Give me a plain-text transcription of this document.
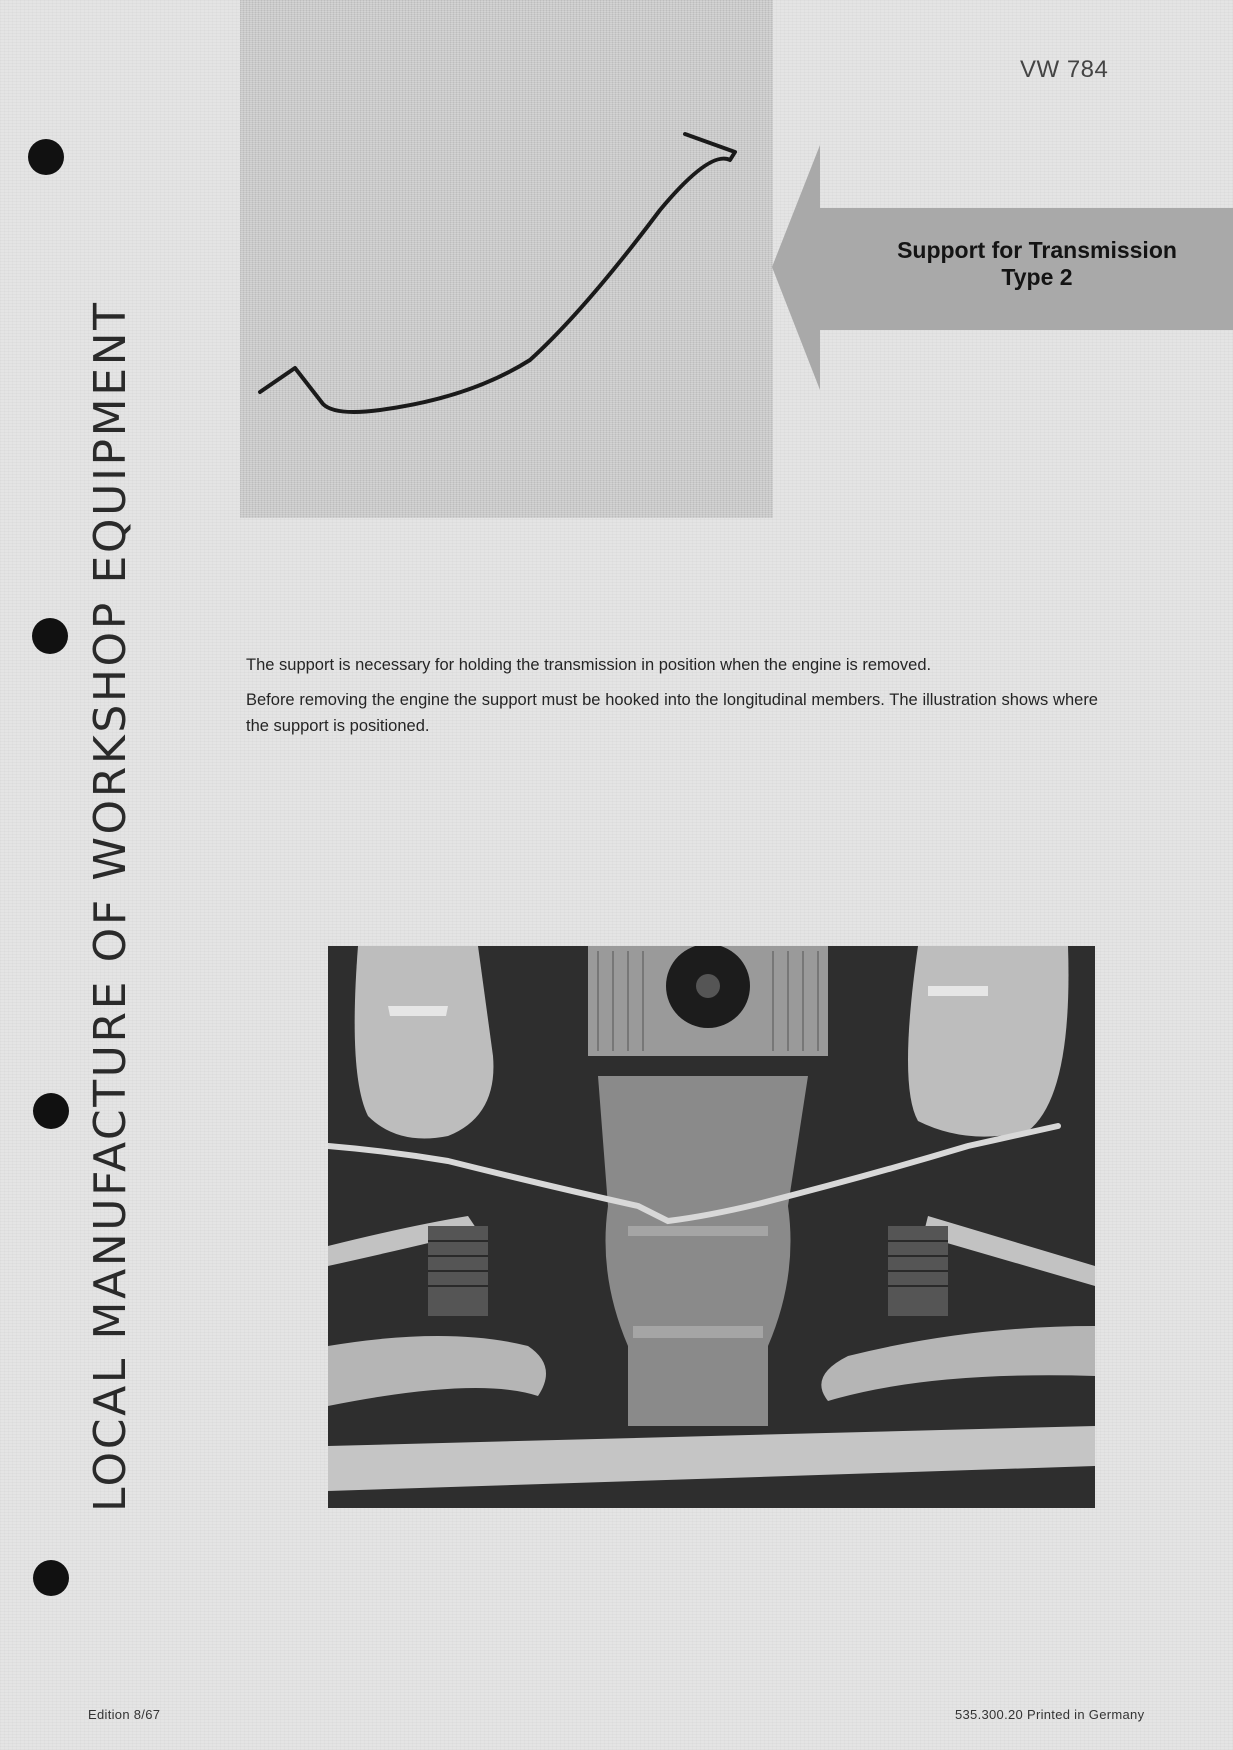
LOCAL MANUFACTURE OF WORKSHOP EQUIPMENT
VW 784
Support for Transmission
Type 2

The support is necessary for holding the transmission in position when the engine is removed.

Before removing the engine the support must be hooked into the longitudinal members. The illustration shows where the support is positioned.

Edition 8/67	535.300.20 Printed in Germany
